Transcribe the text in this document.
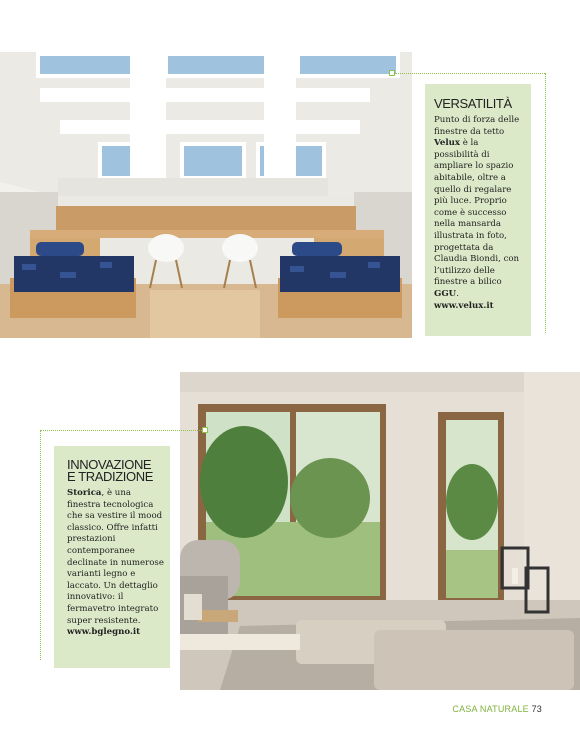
VERSATILITÀ

Punto di forza delle finestre da tetto Velux è la possibilità di ampliare lo spazio abitabile, oltre a quello di regalare più luce. Proprio come è successo nella mansarda illustrata in foto, progettata da Claudia Biondi, con l’utilizzo delle finestre a bilico GGU.
www.velux.it

INNOVAZIONE
E TRADIZIONE

Storica, è una finestra tecnologica che sa vestire il mood classico. Offre infatti prestazioni contemporanee declinate in numerose varianti legno e laccato. Un dettaglio innovativo: il fermavetro integrato super resistente.
www.bglegno.it

CASA NATURALE 73
